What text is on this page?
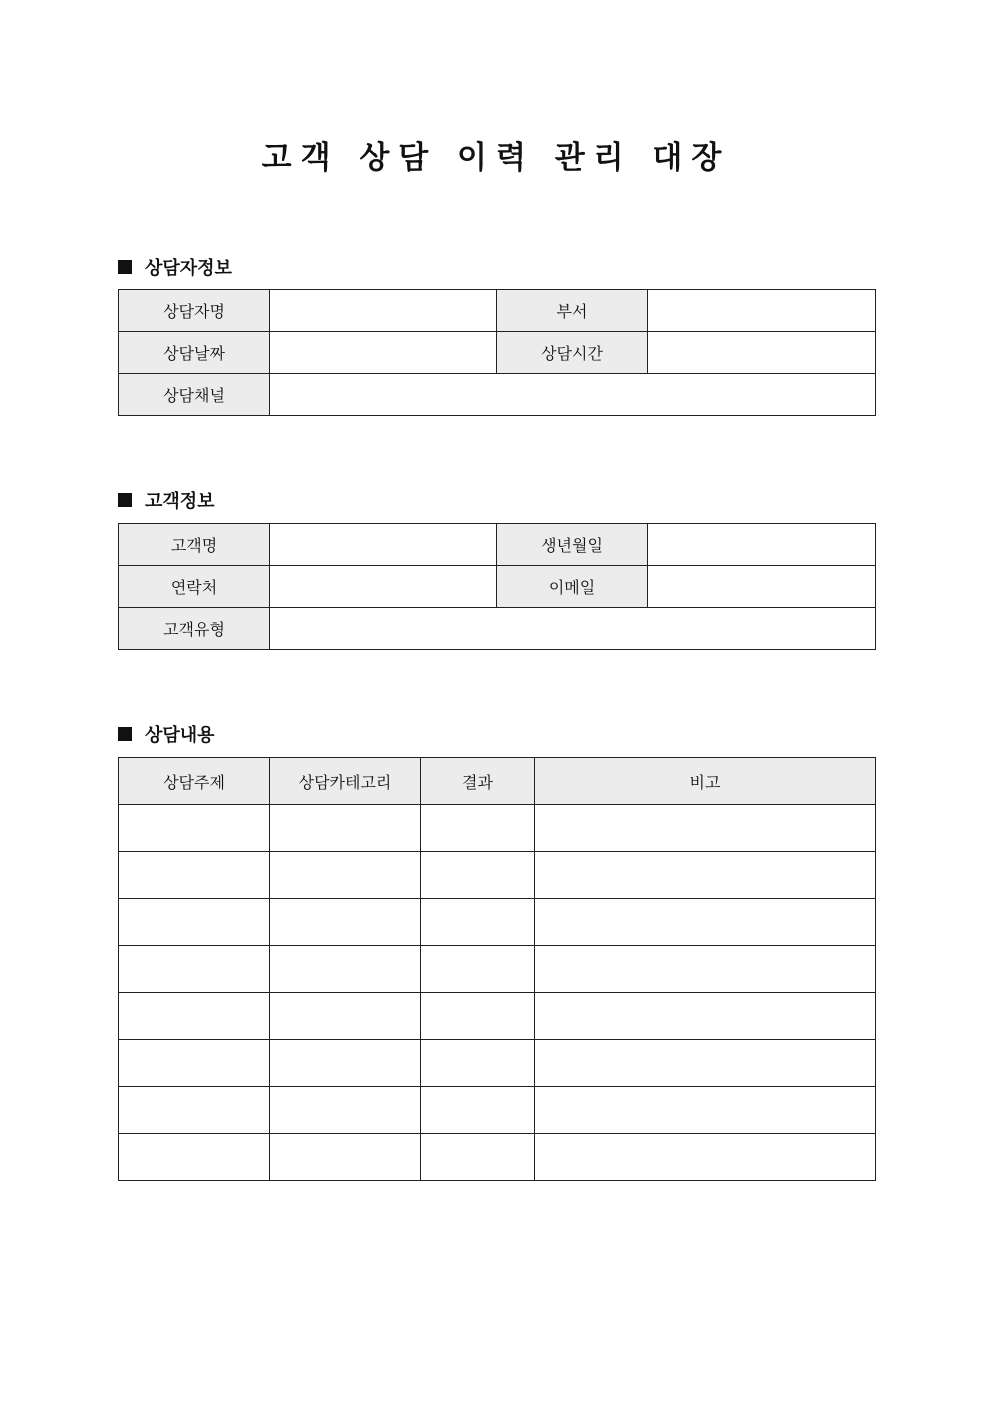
고객 상담 이력 관리 대장
상담자정보
상담자명		부서	
상담날짜		상담시간	
상담채널			
고객정보
고객명		생년월일	
연락처		이메일	
고객유형			
상담내용
상담주제	상담카테고리	결과	비고
